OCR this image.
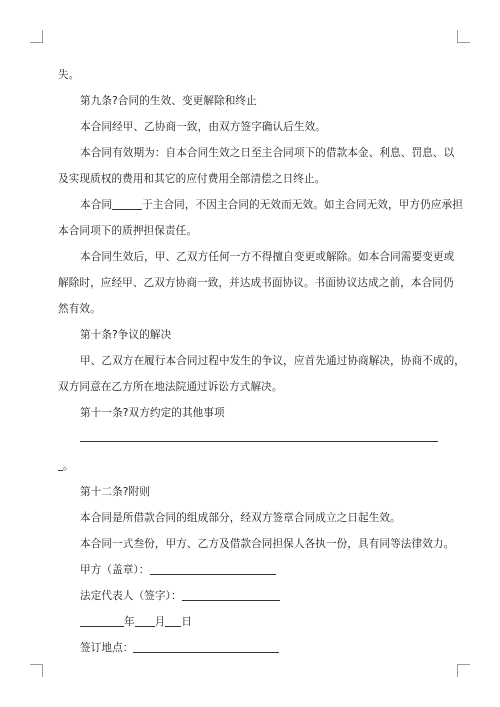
失。
第九条?合同的生效、变更解除和终止
本合同经甲、乙协商一致，由双方签字确认后生效。
本合同有效期为：自本合同生效之日至主合同项下的借款本金、利息、罚息、以
及实现质权的费用和其它的应付费用全部清偿之日终止。
本合同	于主合同，不因主合同的无效而无效。如主合同无效，甲方仍应承担
本合同项下的质押担保责任。
本合同生效后，甲、乙双方任何一方不得擅自变更或解除。如本合同需要变更或
解除时，应经甲、乙双方协商一致，并达成书面协议。书面协议达成之前，本合同仍
然有效。
第十条?争议的解决
甲、乙双方在履行本合同过程中发生的争议，应首先通过协商解决，协商不成的，
双方同意在乙方所在地法院通过诉讼方式解决。
第十一条?双方约定的其他事项
。
第十二条?附则
本合同是所借款合同的组成部分，经双方签章合同成立之日起生效。
本合同一式叁份，甲方、乙方及借款合同担保人各执一份，具有同等法律效力。
甲方（盖章）：
法定代表人（签字）：
年 月 日
签订地点：
